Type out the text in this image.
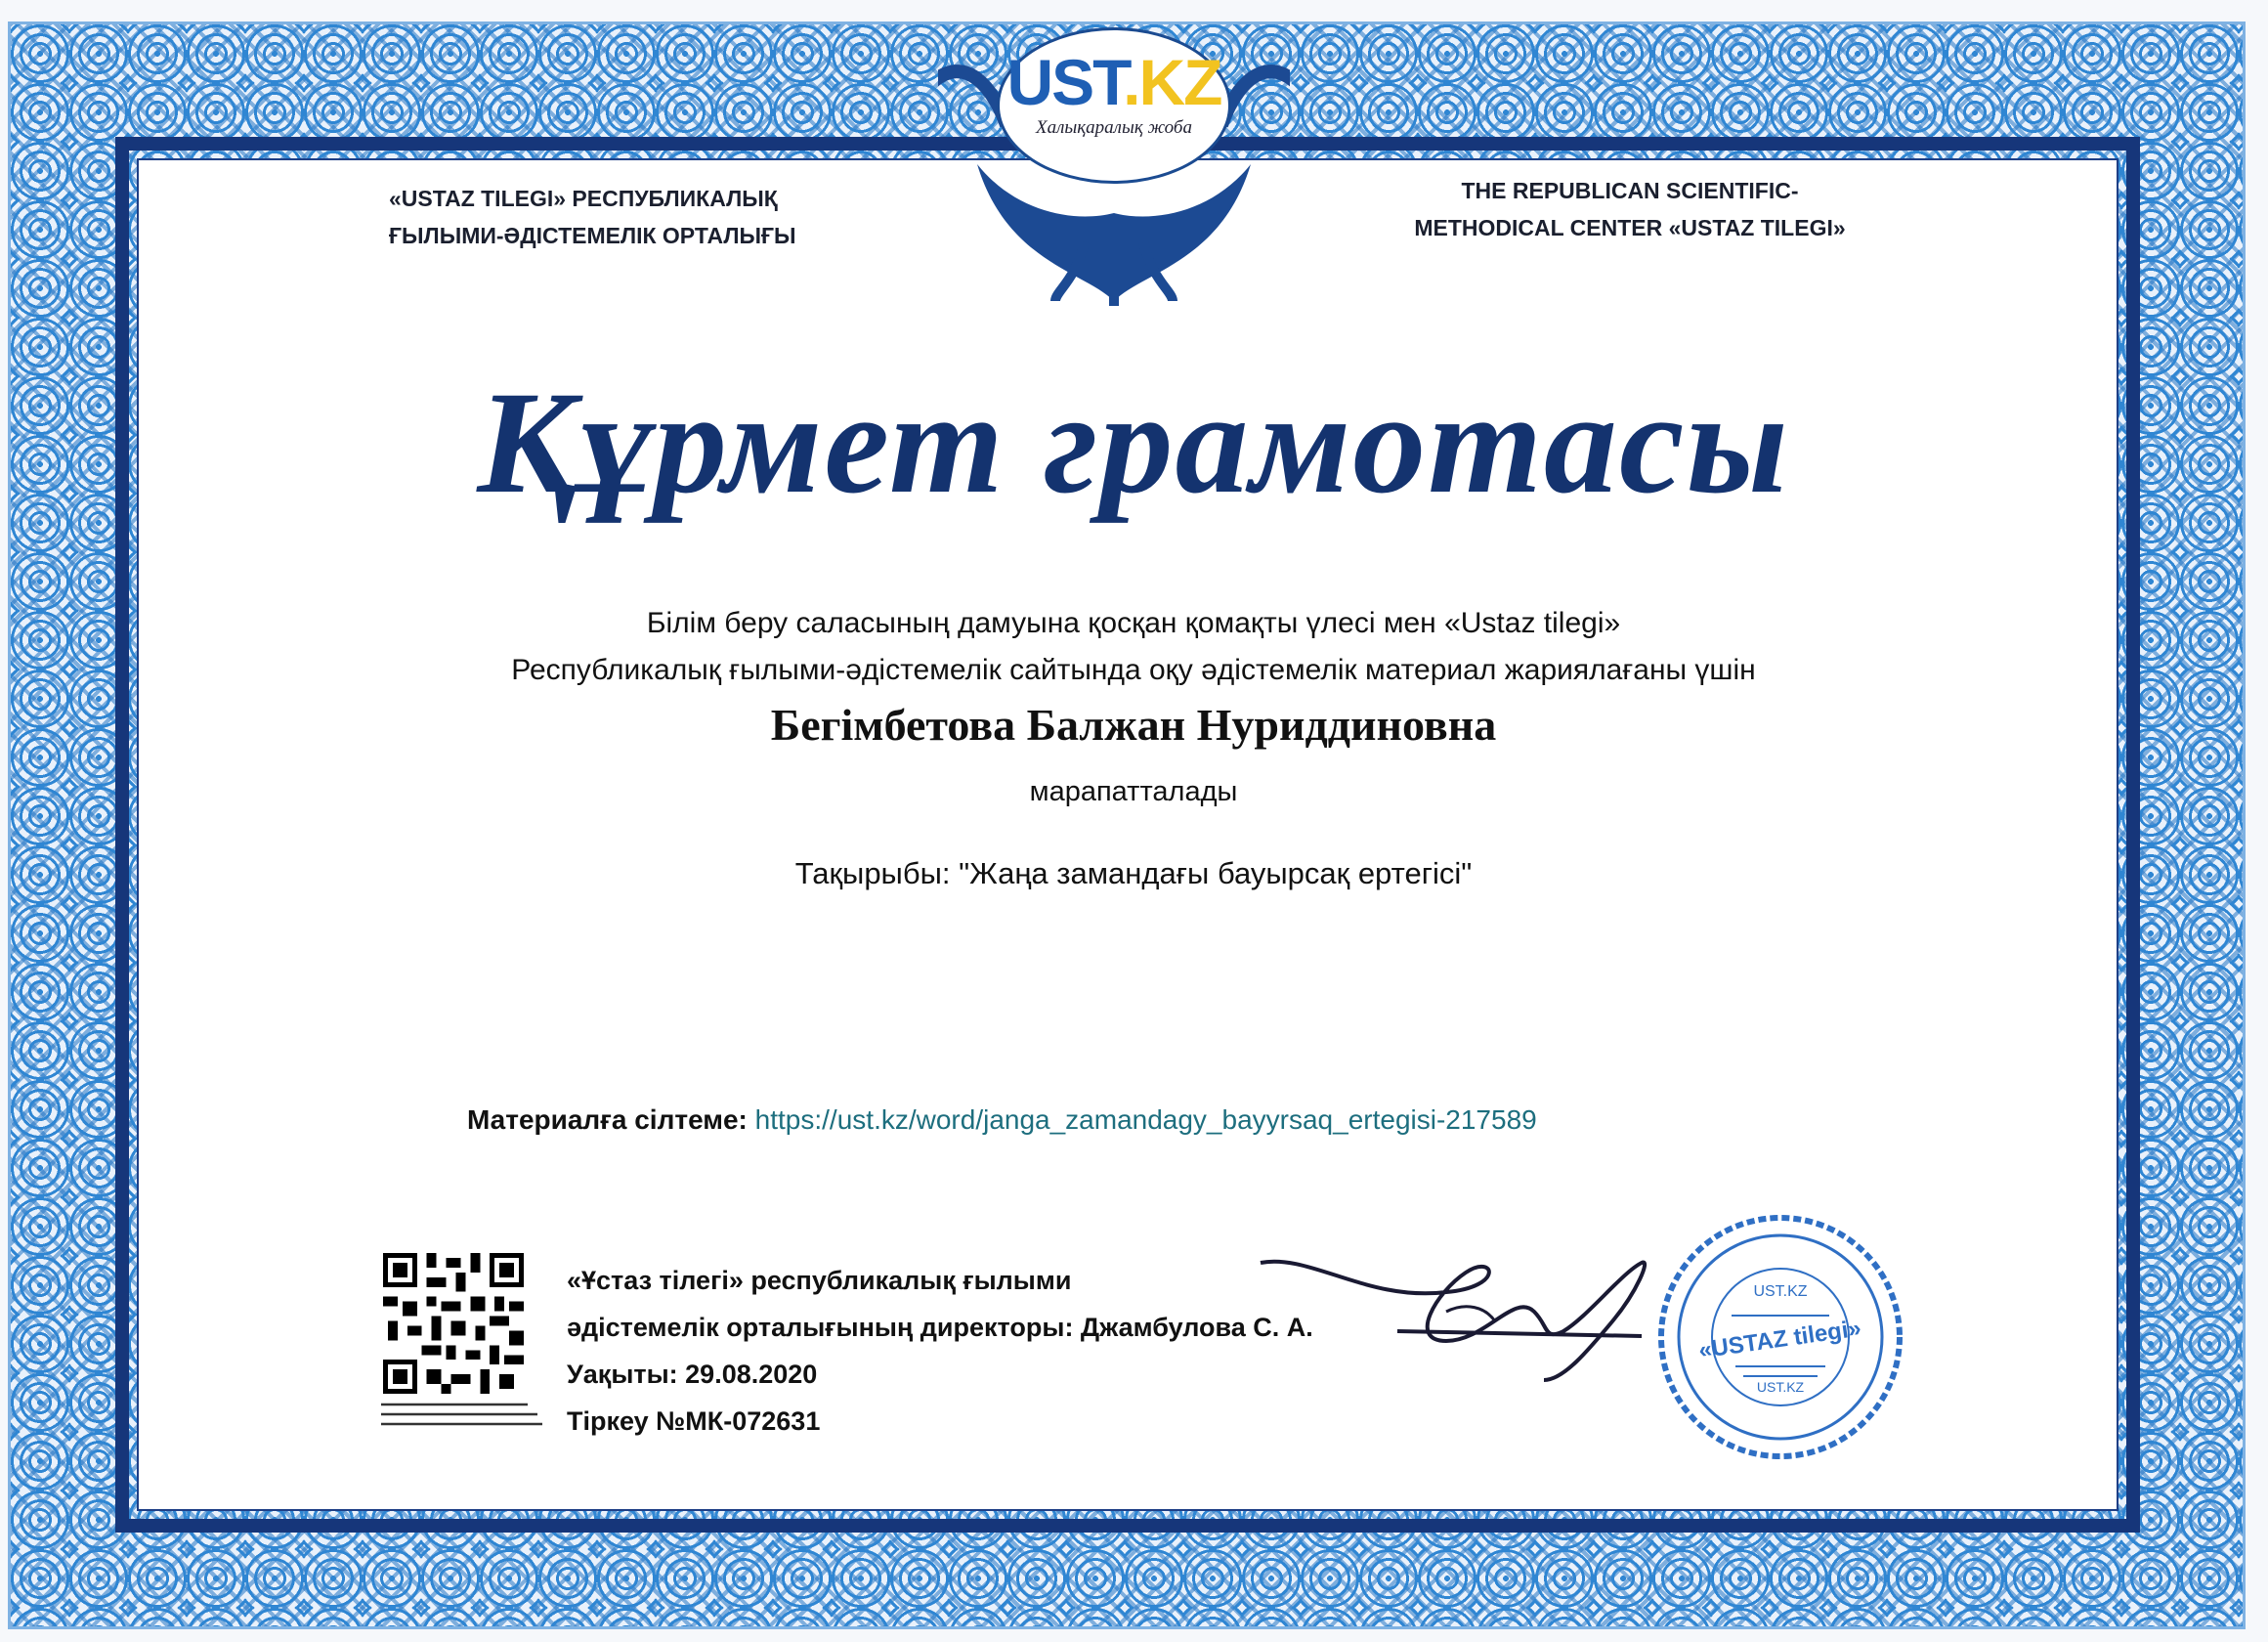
UST.KZ
Халықаралық жоба
«USTAZ TILEGI» РЕСПУБЛИКАЛЫҚ
ҒЫЛЫМИ-ӘДІСТЕМЕЛІК ОРТАЛЫҒЫ
THE REPUBLICAN SCIENTIFIC-
METHODICAL CENTER «USTAZ TILEGI»
Құрмет грамотасы
Білім беру саласының дамуына қосқан қомақты үлесі мен «Ustaz tilegi»
Республикалық ғылыми-әдістемелік сайтында оқу әдістемелік материал жариялағаны үшін
Бегімбетова Балжан Нуриддиновна
марапатталады
Тақырыбы: "Жаңа замандағы бауырсақ ертегісі"
Материалға сілтеме: https://ust.kz/word/janga_zamandagy_bayyrsaq_ertegisi-217589
«Ұстаз тілегі» республикалық ғылыми
әдістемелік орталығының директоры: Джамбулова С. А.
Уақыты: 29.08.2020
Тіркеу №МК-072631
UST.KZ
«USTAZ tilegi»
UST.KZ
